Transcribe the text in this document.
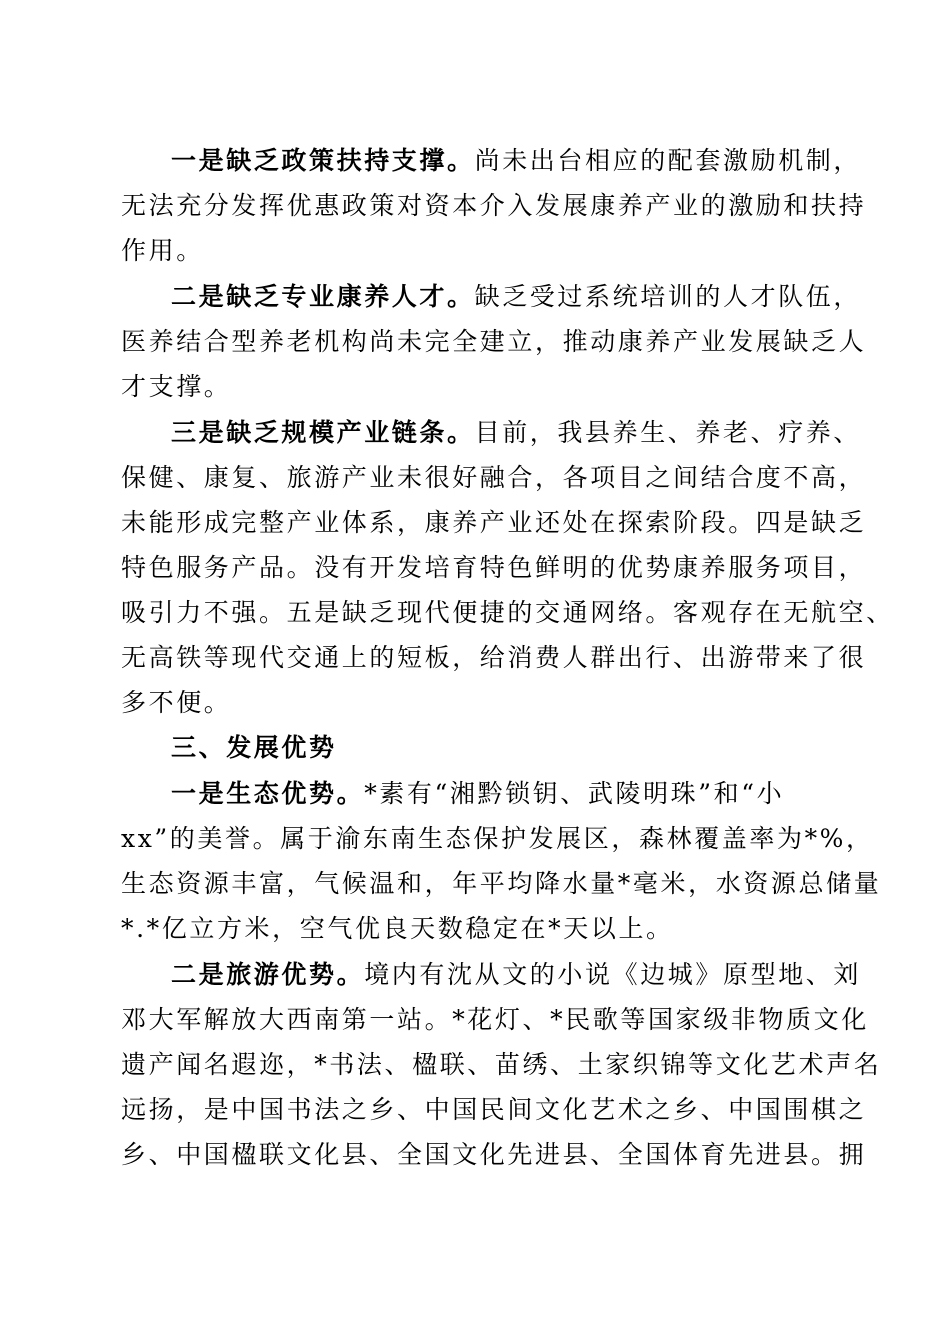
一是缺乏政策扶持支撑。尚未出台相应的配套激励机制，
无法充分发挥优惠政策对资本介入发展康养产业的激励和扶持
作用。
二是缺乏专业康养人才。缺乏受过系统培训的人才队伍，
医养结合型养老机构尚未完全建立，推动康养产业发展缺乏人
才支撑。
三是缺乏规模产业链条。目前，我县养生、养老、疗养、
保健、康复、旅游产业未很好融合，各项目之间结合度不高，
未能形成完整产业体系，康养产业还处在探索阶段。四是缺乏
特色服务产品。没有开发培育特色鲜明的优势康养服务项目，
吸引力不强。五是缺乏现代便捷的交通网络。客观存在无航空、
无高铁等现代交通上的短板，给消费人群出行、出游带来了很
多不便。
三、发展优势
一是生态优势。*素有“湘黔锁钥、武陵明珠”和“小
xx”的美誉。属于渝东南生态保护发展区，森林覆盖率为*%，
生态资源丰富，气候温和，年平均降水量*毫米，水资源总储量
*.*亿立方米，空气优良天数稳定在*天以上。
二是旅游优势。境内有沈从文的小说《边城》原型地、刘
邓大军解放大西南第一站。*花灯、*民歌等国家级非物质文化
遗产闻名遐迩，*书法、楹联、苗绣、土家织锦等文化艺术声名
远扬，是中国书法之乡、中国民间文化艺术之乡、中国围棋之
乡、中国楹联文化县、全国文化先进县、全国体育先进县。拥
